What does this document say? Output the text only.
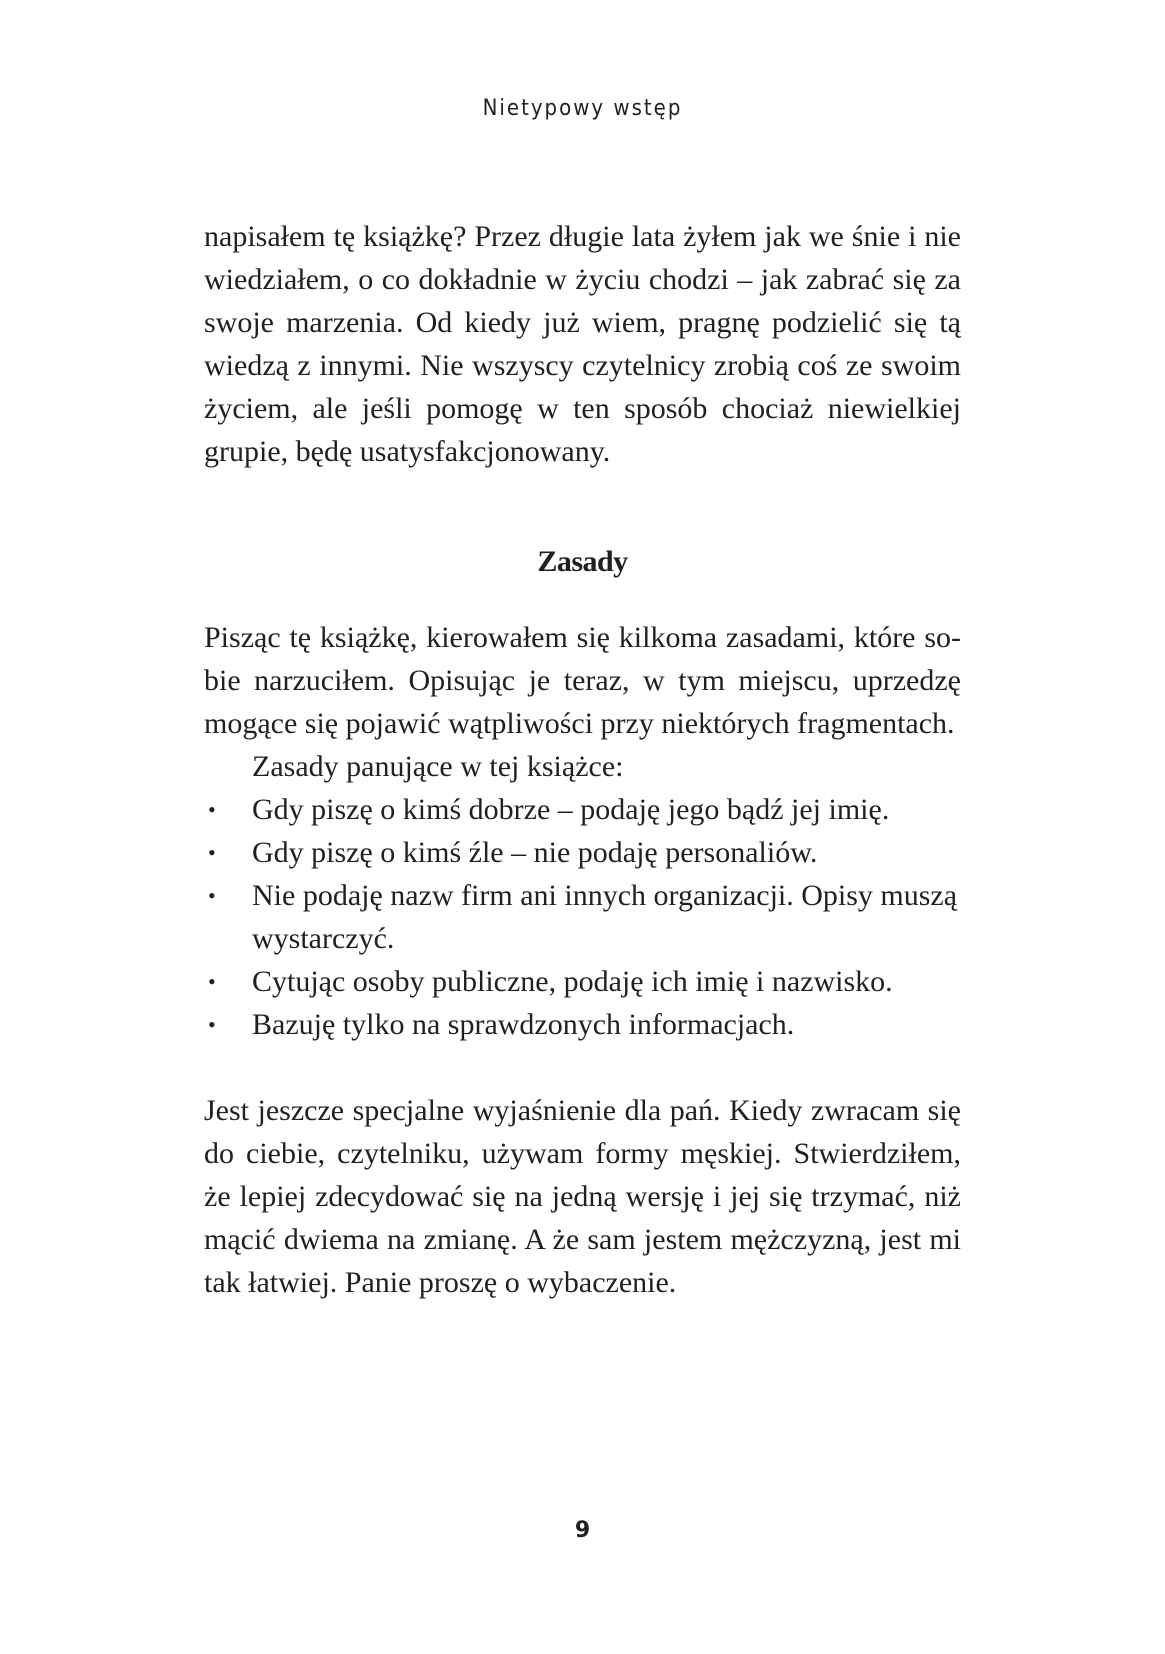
Nietypowy wstęp

napisałem tę książkę? Przez długie lata żyłem jak we śnie i nie wiedziałem, o co dokładnie w życiu chodzi – jak zabrać się za swoje marzenia. Od kiedy już wiem, pragnę podzielić się tą wiedzą z innymi. Nie wszyscy czytelnicy zrobią coś ze swoim życiem, ale jeśli pomogę w ten sposób chociaż niewielkiej grupie, będę usatysfakcjonowany.

Zasady

Pisząc tę książkę, kierowałem się kilkoma zasadami, które sobie narzuciłem. Opisując je teraz, w tym miejscu, uprzedzę mogące się pojawić wątpliwości przy niektórych fragmentach.

Zasady panujące w tej książce:

• Gdy piszę o kimś dobrze – podaję jego bądź jej imię.
• Gdy piszę o kimś źle – nie podaję personaliów.
• Nie podaję nazw firm ani innych organizacji. Opisy muszą wystarczyć.
• Cytując osoby publiczne, podaję ich imię i nazwisko.
• Bazuję tylko na sprawdzonych informacjach.

Jest jeszcze specjalne wyjaśnienie dla pań. Kiedy zwracam się do ciebie, czytelniku, używam formy męskiej. Stwierdziłem, że lepiej zdecydować się na jedną wersję i jej się trzymać, niż mącić dwiema na zmianę. A że sam jestem mężczyzną, jest mi tak łatwiej. Panie proszę o wybaczenie.

9
